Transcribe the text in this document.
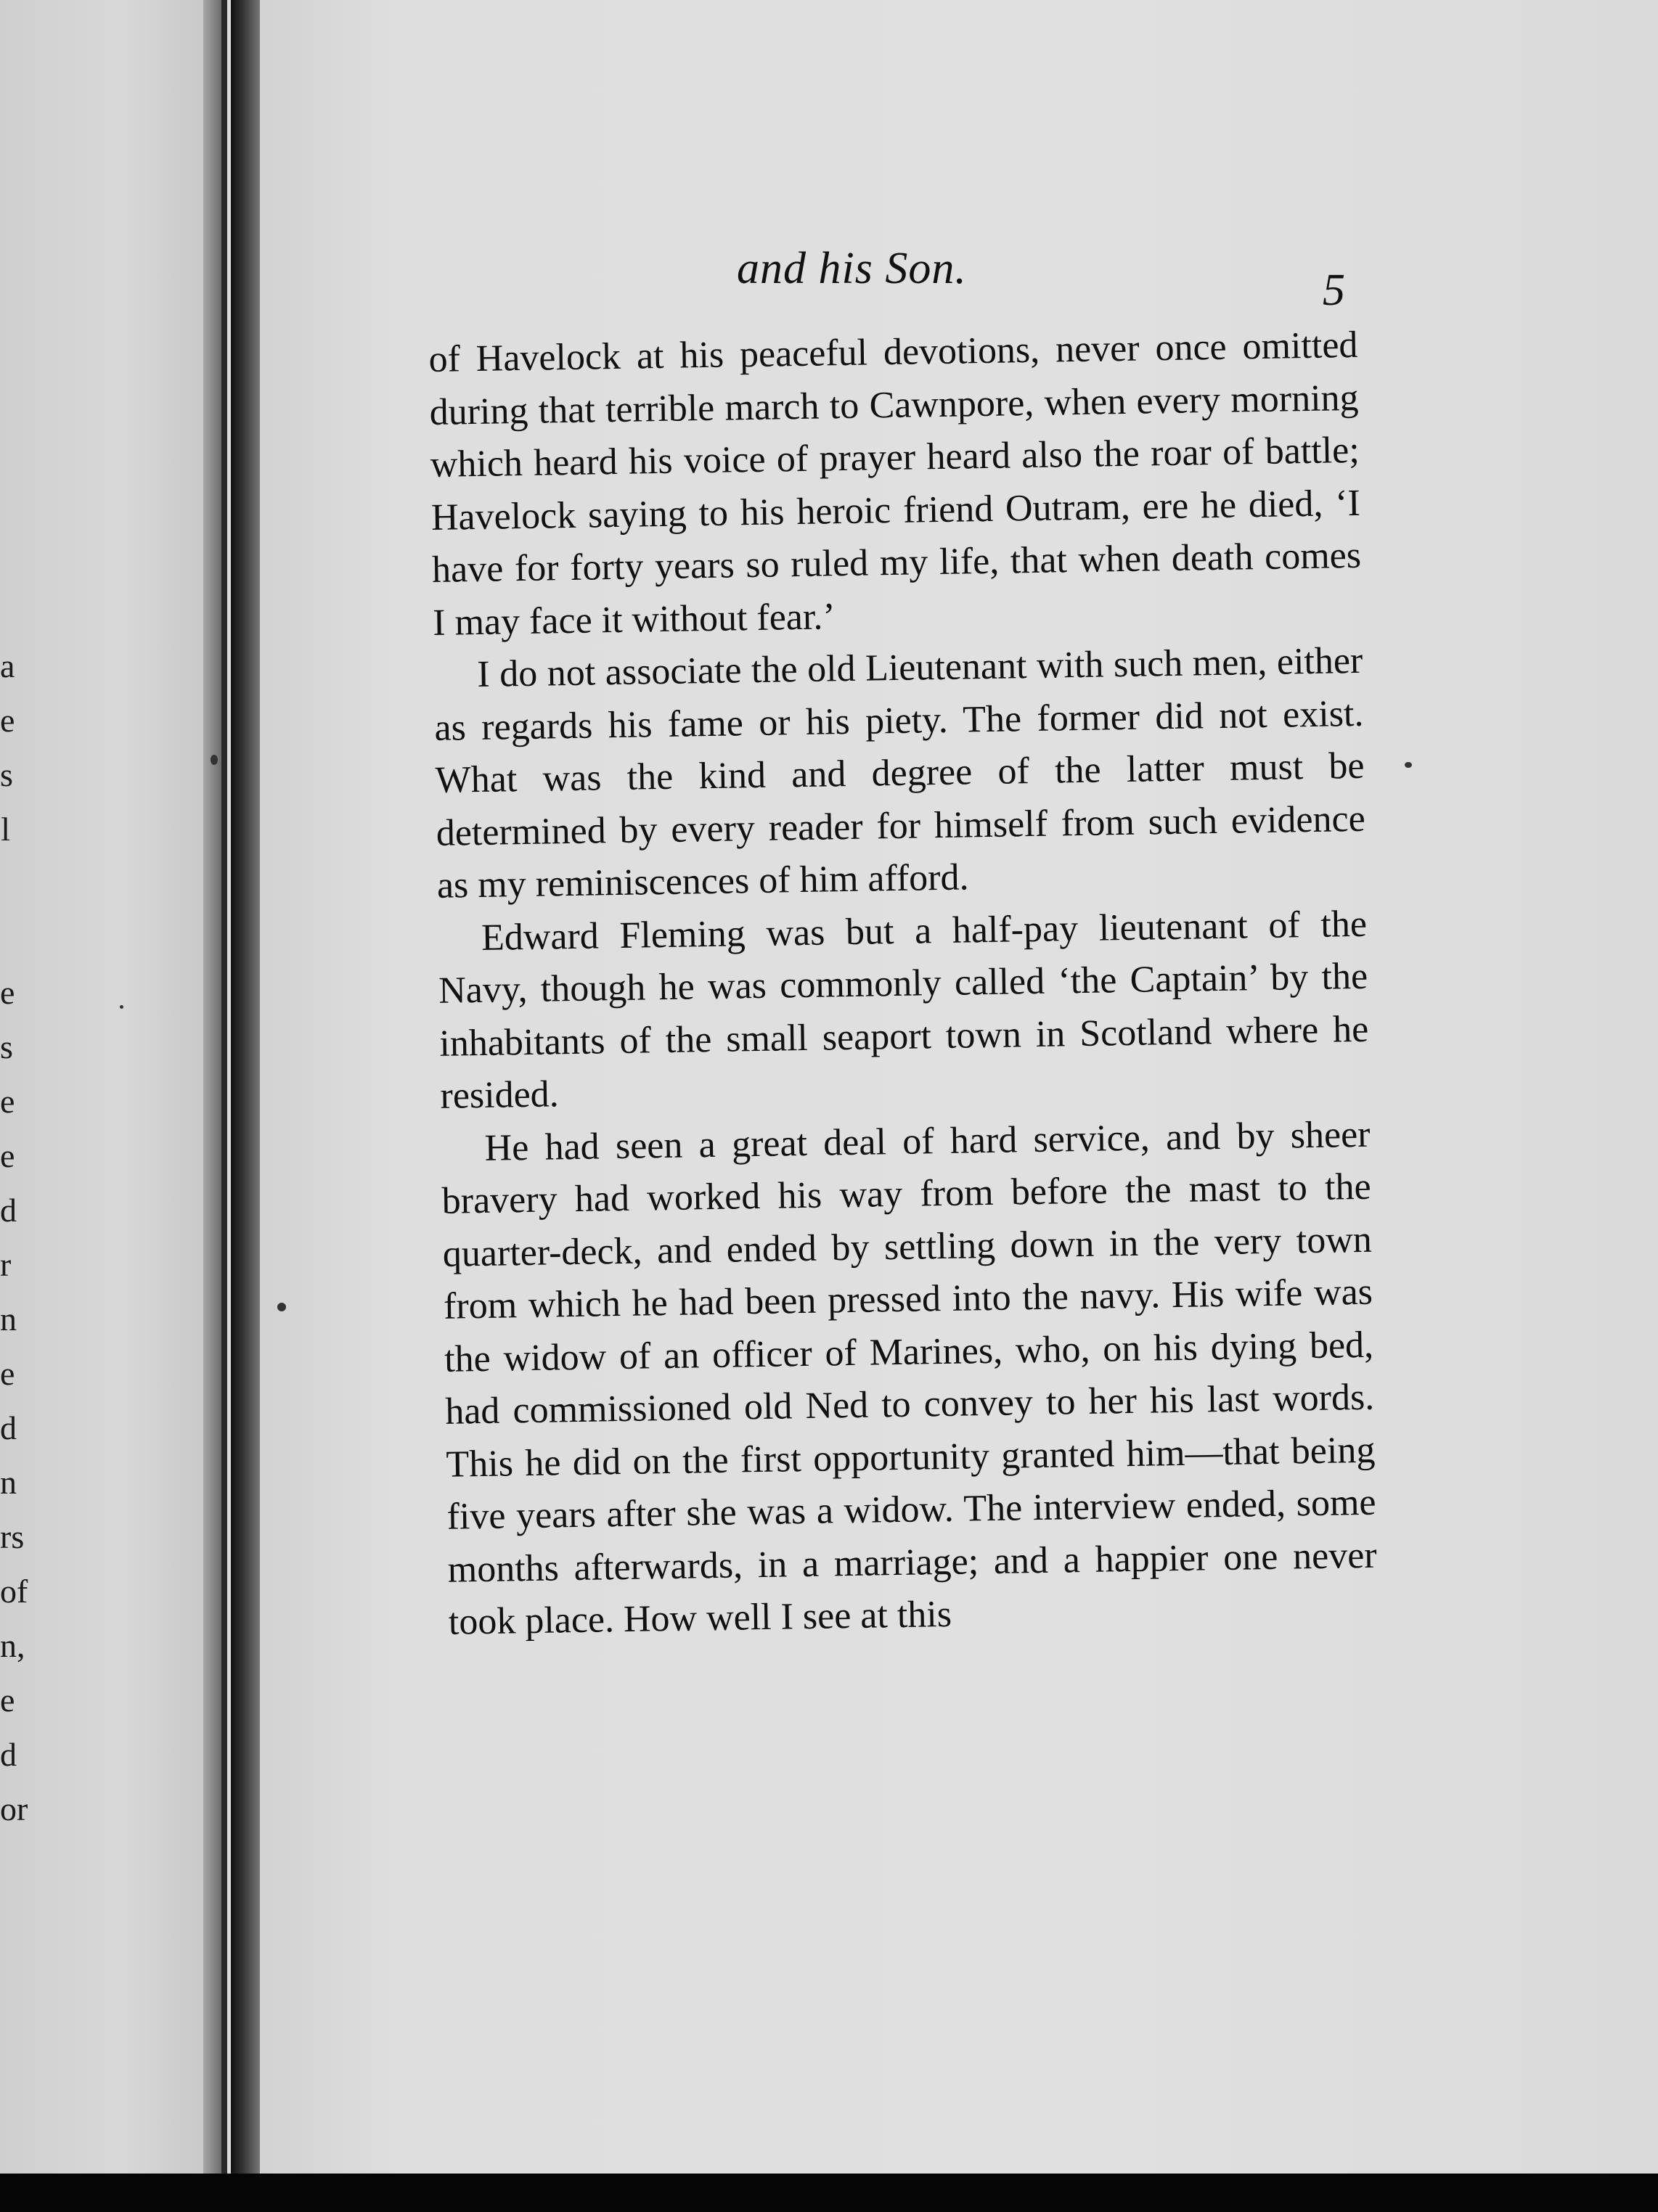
a
e
s
l
e
s
e
e
d
r
n
e
d
n
rs
of
n,
e
d
or
and his Son.	5

of Havelock at his peaceful devotions, never once omitted during that terrible march to Cawnpore, when every morning which heard his voice of prayer heard also the roar of battle; Havelock saying to his heroic friend Outram, ere he died, ‘I have for forty years so ruled my life, that when death comes I may face it without fear.’

I do not associate the old Lieutenant with such men, either as regards his fame or his piety. The former did not exist. What was the kind and degree of the latter must be determined by every reader for himself from such evidence as my reminiscences of him afford.

Edward Fleming was but a half-pay lieutenant of the Navy, though he was commonly called ‘the Captain’ by the inhabitants of the small seaport town in Scotland where he resided.

He had seen a great deal of hard service, and by sheer bravery had worked his way from before the mast to the quarter-deck, and ended by settling down in the very town from which he had been pressed into the navy. His wife was the widow of an officer of Marines, who, on his dying bed, had commissioned old Ned to convey to her his last words. This he did on the first opportunity granted him—that being five years after she was a widow. The interview ended, some months afterwards, in a marriage; and a happier one never took place. How well I see at this
